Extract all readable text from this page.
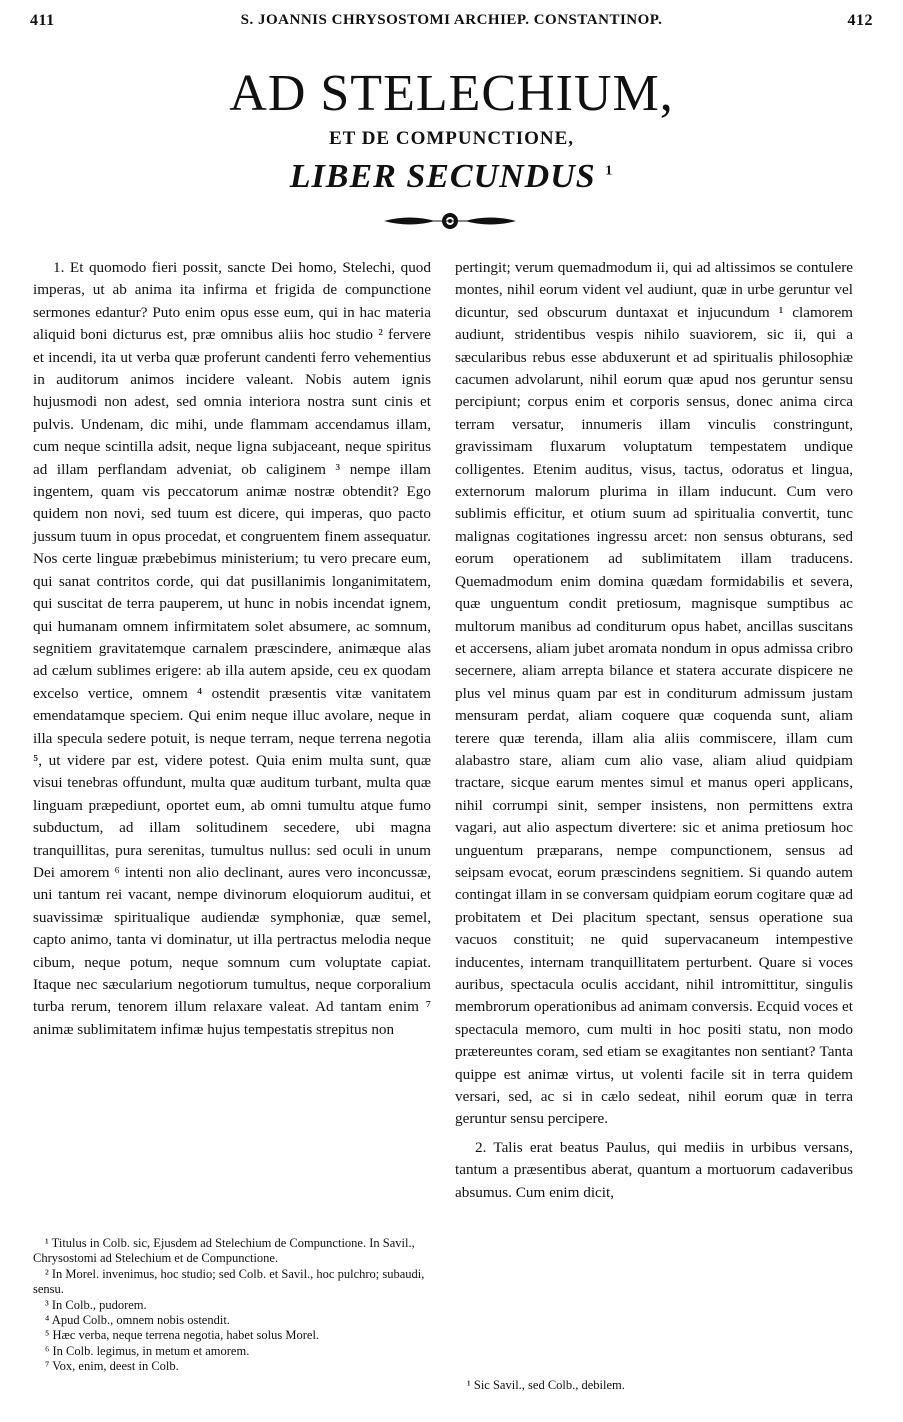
411	S. JOANNIS CHRYSOSTOMI ARCHIEP. CONSTANTINOP.	412
AD STELECHIUM,
ET DE COMPUNCTIONE,
LIBER SECUNDUS $^1$

1. Et quomodo fieri possit, sancte Dei homo, Stelechi, quod imperas, ut ab anima ita infirma et frigida de compunctione sermones edantur? Puto enim opus esse eum, qui in hac materia aliquid boni dicturus est, præ omnibus aliis hoc studio ² fervere et incendi, ita ut verba quæ proferunt candenti ferro vehementius in auditorum animos incidere valeant. Nobis autem ignis hujusmodi non adest, sed omnia interiora nostra sunt cinis et pulvis. Undenam, dic mihi, unde flammam accendamus illam, cum neque scintilla adsit, neque ligna subjaceant, neque spiritus ad illam perflandam adveniat, ob caliginem ³ nempe illam ingentem, quam vis peccatorum animæ nostræ obtendit? Ego quidem non novi, sed tuum est dicere, qui imperas, quo pacto jussum tuum in opus procedat, et congruentem finem assequatur. Nos certe linguæ præbebimus ministerium; tu vero precare eum, qui sanat contritos corde, qui dat pusillanimis longanimitatem, qui suscitat de terra pauperem, ut hunc in nobis incendat ignem, qui humanam omnem infirmitatem solet absumere, ac somnum, segnitiem gravitatemque carnalem præscindere, animæque alas ad cælum sublimes erigere: ab illa autem apside, ceu ex quodam excelso vertice, omnem ⁴ ostendit præsentis vitæ vanitatem emendatamque speciem. Qui enim neque illuc avolare, neque in illa specula sedere potuit, is neque terram, neque terrena negotia ⁵, ut videre par est, videre potest. Quia enim multa sunt, quæ visui tenebras offundunt, multa quæ auditum turbant, multa quæ linguam præpediunt, oportet eum, ab omni tumultu atque fumo subductum, ad illam solitudinem secedere, ubi magna tranquillitas, pura serenitas, tumultus nullus: sed oculi in unum Dei amorem ⁶ intenti non alio declinant, aures vero inconcussæ, uni tantum rei vacant, nempe divinorum eloquiorum auditui, et suavissimæ spiritualique audiendæ symphoniæ, quæ semel, capto animo, tanta vi dominatur, ut illa pertractus melodia neque cibum, neque potum, neque somnum cum voluptate capiat. Itaque nec sæcularium negotiorum tumultus, neque corporalium turba rerum, tenorem illum relaxare valeat. Ad tantam enim ⁷ animæ sublimitatem infimæ hujus tempestatis strepitus non

pertingit; verum quemadmodum ii, qui ad altissimos se contulere montes, nihil eorum vident vel audiunt, quæ in urbe geruntur vel dicuntur, sed obscurum duntaxat et injucundum ¹ clamorem audiunt, stridentibus vespis nihilo suaviorem, sic ii, qui a sæcularibus rebus esse abduxerunt et ad spiritualis philosophiæ cacumen advolarunt, nihil eorum quæ apud nos geruntur sensu percipiunt; corpus enim et corporis sensus, donec anima circa terram versatur, innumeris illam vinculis constringunt, gravissimam fluxarum voluptatum tempestatem undique colligentes. Etenim auditus, visus, tactus, odoratus et lingua, externorum malorum plurima in illam inducunt. Cum vero sublimis efficitur, et otium suum ad spiritualia convertit, tunc malignas cogitationes ingressu arcet: non sensus obturans, sed eorum operationem ad sublimitatem illam traducens. Quemadmodum enim domina quædam formidabilis et severa, quæ unguentum condit pretiosum, magnisque sumptibus ac multorum manibus ad conditurum opus habet, ancillas suscitans et accersens, aliam jubet aromata nondum in opus admissa cribro secernere, aliam arrepta bilance et statera accurate dispicere ne plus vel minus quam par est in conditurum admissum justam mensuram perdat, aliam coquere quæ coquenda sunt, aliam terere quæ terenda, illam alia aliis commiscere, illam cum alabastro stare, aliam cum alio vase, aliam aliud quidpiam tractare, sicque earum mentes simul et manus operi applicans, nihil corrumpi sinit, semper insistens, non permittens extra vagari, aut alio aspectum divertere: sic et anima pretiosum hoc unguentum præparans, nempe compunctionem, sensus ad seipsam evocat, eorum præscindens segnitiem. Si quando autem contingat illam in se conversam quidpiam eorum cogitare quæ ad probitatem et Dei placitum spectant, sensus operatione sua vacuos constituit; ne quid supervacaneum intempestive inducentes, internam tranquillitatem perturbent. Quare si voces auribus, spectacula oculis accidant, nihil intromittitur, singulis membrorum operationibus ad animam conversis. Ecquid voces et spectacula memoro, cum multi in hoc positi statu, non modo prætereuntes coram, sed etiam se exagitantes non sentiant? Tanta quippe est animæ virtus, ut volenti facile sit in terra quidem versari, sed, ac si in cælo sedeat, nihil eorum quæ in terra geruntur sensu percipere.

2. Talis erat beatus Paulus, qui mediis in urbibus versans, tantum a præsentibus aberat, quantum a mortuorum cadaveribus absumus. Cum enim dicit,

¹ Titulus in Colb. sic, Ejusdem ad Stelechium de Compunctione. In Savil., Chrysostomi ad Stelechium et de Compunctione.
² In Morel. invenimus, hoc studio; sed Colb. et Savil., hoc pulchro; subaudi, sensu.
³ In Colb., pudorem.
⁴ Apud Colb., omnem nobis ostendit.
⁵ Hæc verba, neque terrena negotia, habet solus Morel.
⁶ In Colb. legimus, in metum et amorem.
⁷ Vox, enim, deest in Colb.
¹ Sic Savil., sed Colb., debilem.
